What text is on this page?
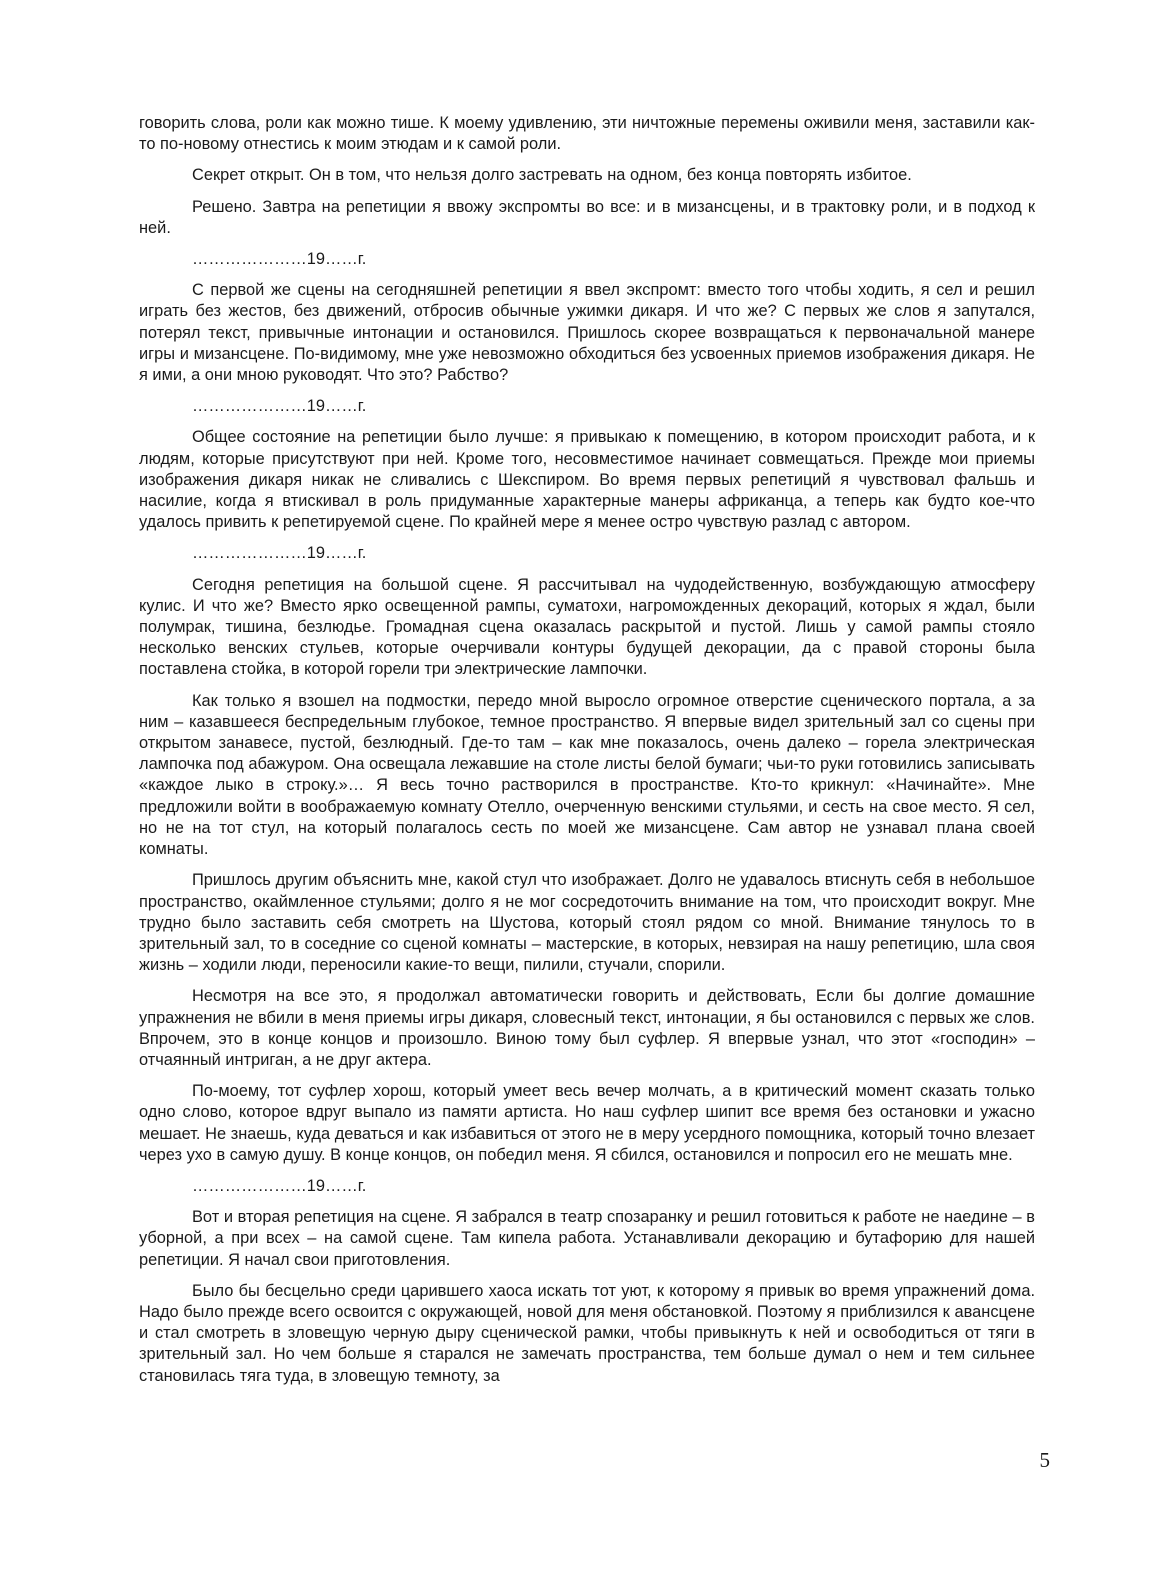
говорить слова, роли как можно тише. К моему удивлению, эти ничтожные перемены оживили меня, заставили как-то по-новому отнестись к моим этюдам и к самой роли.

Секрет открыт. Он в том, что нельзя долго застревать на одном, без конца повторять избитое.

Решено. Завтра на репетиции я ввожу экспромты во все: и в мизансцены, и в трактовку роли, и в подход к ней.

…………………19……г.

С первой же сцены на сегодняшней репетиции я ввел экспромт: вместо того чтобы ходить, я сел и решил играть без жестов, без движений, отбросив обычные ужимки дикаря. И что же? С первых же слов я запутался, потерял текст, привычные интонации и остановился. Пришлось скорее возвращаться к первоначальной манере игры и мизансцене. По-видимому, мне уже невозможно обходиться без усвоенных приемов изображения дикаря. Не я ими, а они мною руководят. Что это? Рабство?

…………………19……г.

Общее состояние на репетиции было лучше: я привыкаю к помещению, в котором происходит работа, и к людям, которые присутствуют при ней. Кроме того, несовместимое начинает совмещаться. Прежде мои приемы изображения дикаря никак не сливались с Шекспиром. Во время первых репетиций я чувствовал фальшь и насилие, когда я втискивал в роль придуманные характерные манеры африканца, а теперь как будто кое-что удалось привить к репетируемой сцене. По крайней мере я менее остро чувствую разлад с автором.

…………………19……г.

Сегодня репетиция на большой сцене. Я рассчитывал на чудодейственную, возбуждающую атмосферу кулис. И что же? Вместо ярко освещенной рампы, суматохи, нагроможденных декораций, которых я ждал, были полумрак, тишина, безлюдье. Громадная сцена оказалась раскрытой и пустой. Лишь у самой рампы стояло несколько венских стульев, которые очерчивали контуры будущей декорации, да с правой стороны была поставлена стойка, в которой горели три электрические лампочки.

Как только я взошел на подмостки, передо мной выросло огромное отверстие сценического портала, а за ним – казавшееся беспредельным глубокое, темное пространство. Я впервые видел зрительный зал со сцены при открытом занавесе, пустой, безлюдный. Где-то там – как мне показалось, очень далеко – горела электрическая лампочка под абажуром. Она освещала лежавшие на столе листы белой бумаги; чьи-то руки готовились записывать «каждое лыко в строку.»… Я весь точно растворился в пространстве. Кто-то крикнул: «Начинайте». Мне предложили войти в воображаемую комнату Отелло, очерченную венскими стульями, и сесть на свое место. Я сел, но не на тот стул, на который полагалось сесть по моей же мизансцене. Сам автор не узнавал плана своей комнаты.

Пришлось другим объяснить мне, какой стул что изображает. Долго не удавалось втиснуть себя в небольшое пространство, окаймленное стульями; долго я не мог сосредоточить внимание на том, что происходит вокруг. Мне трудно было заставить себя смотреть на Шустова, который стоял рядом со мной. Внимание тянулось то в зрительный зал, то в соседние со сценой комнаты – мастерские, в которых, невзирая на нашу репетицию, шла своя жизнь – ходили люди, переносили какие-то вещи, пилили, стучали, спорили.

Несмотря на все это, я продолжал автоматически говорить и действовать, Если бы долгие домашние упражнения не вбили в меня приемы игры дикаря, словесный текст, интонации, я бы остановился с первых же слов. Впрочем, это в конце концов и произошло. Виною тому был суфлер. Я впервые узнал, что этот «господин» – отчаянный интриган, а не друг актера.

По-моему, тот суфлер хорош, который умеет весь вечер молчать, а в критический момент сказать только одно слово, которое вдруг выпало из памяти артиста. Но наш суфлер шипит все время без остановки и ужасно мешает. Не знаешь, куда деваться и как избавиться от этого не в меру усердного помощника, который точно влезает через ухо в самую душу. В конце концов, он победил меня. Я сбился, остановился и попросил его не мешать мне.

…………………19……г.

Вот и вторая репетиция на сцене. Я забрался в театр спозаранку и решил готовиться к работе не наедине – в уборной, а при всех – на самой сцене. Там кипела работа. Устанавливали декорацию и бутафорию для нашей репетиции. Я начал свои приготовления.

Было бы бесцельно среди царившего хаоса искать тот уют, к которому я привык во время упражнений дома. Надо было прежде всего освоится с окружающей, новой для меня обстановкой. Поэтому я приблизился к авансцене и стал смотреть в зловещую черную дыру сценической рамки, чтобы привыкнуть к ней и освободиться от тяги в зрительный зал. Но чем больше я старался не замечать пространства, тем больше думал о нем и тем сильнее становилась тяга туда, в зловещую темноту, за

5
